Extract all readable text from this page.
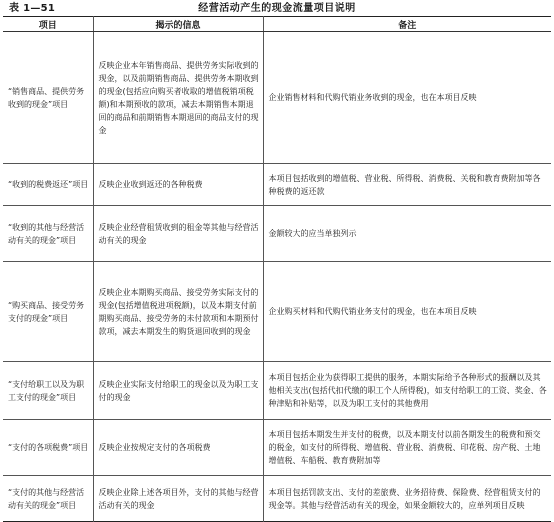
表 1—51	经营活动产生的现金流量项目说明
项目	揭示的信息	备注
“销售商品、提供劳务收到的现金”项目	反映企业本年销售商品、提供劳务实际收到的现金，以及前期销售商品、提供劳务本期收到的现金(包括应向购买者收取的增值税销项税额)和本期预收的款项，减去本期销售本期退回的商品和前期销售本期退回的商品支付的现金	企业销售材料和代购代销业务收到的现金，也在本项目反映
“收到的税费返还”项目	反映企业收到返还的各种税费	本项目包括收到的增值税、营业税、所得税、消费税、关税和教育费附加等各种税费的返还款
“收到的其他与经营活动有关的现金”项目	反映企业经营租赁收到的租金等其他与经营活动有关的现金	金额较大的应当单独列示
“购买商品、接受劳务支付的现金”项目	反映企业本期购买商品、接受劳务实际支付的现金(包括增值税进项税额)，以及本期支付前期购买商品、接受劳务的未付款项和本期预付款项，减去本期发生的购货退回收到的现金	企业购买材料和代购代销业务支付的现金，也在本项目反映
“支付给职工以及为职工支付的现金”项目	反映企业实际支付给职工的现金以及为职工支付的现金	本项目包括企业为获得职工提供的服务，本期实际给予各种形式的报酬以及其他相关支出(包括代扣代缴的职工个人所得税)，如支付给职工的工资、奖金、各种津贴和补贴等，以及为职工支付的其他费用
“支付的各项税费”项目	反映企业按规定支付的各项税费	本项目包括本期发生并支付的税费，以及本期支付以前各期发生的税费和预交的税金，如支付的所得税、增值税、营业税、消费税、印花税、房产税、土地增值税、车船税、教育费附加等
“支付的其他与经营活动有关的现金”项目	反映企业除上述各项目外，支付的其他与经营活动有关的现金	本项目包括罚款支出、支付的差旅费、业务招待费、保险费、经营租赁支付的现金等。其他与经营活动有关的现金，如果金额较大的，应单列项目反映
